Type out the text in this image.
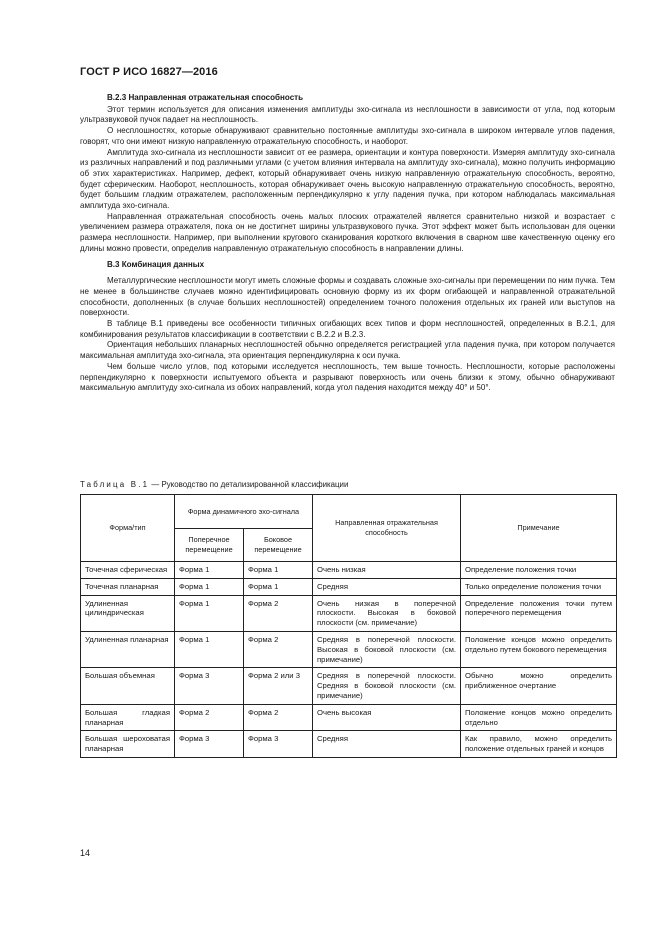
ГОСТ Р ИСО 16827—2016
B.2.3 Направленная отражательная способность

Этот термин используется для описания изменения амплитуды эхо-сигнала из несплошности в зависимости от угла, под которым ультразвуковой пучок падает на несплошность.

О несплошностях, которые обнаруживают сравнительно постоянные амплитуды эхо-сигнала в широком интервале углов падения, говорят, что они имеют низкую направленную отражательную способность, и наоборот.

Амплитуда эхо-сигнала из несплошности зависит от ее размера, ориентации и контура поверхности. Измеряя амплитуду эхо-сигнала из различных направлений и под различными углами (с учетом влияния интервала на амплитуду эхо-сигнала), можно получить информацию об этих характеристиках. Например, дефект, который обнаруживает очень низкую направленную отражательную способность, вероятно, будет сферическим. Наоборот, несплошность, которая обнаруживает очень высокую направленную отражательную способность, вероятно, будет большим гладким отражателем, расположенным перпендикулярно к углу падения пучка, при котором наблюдалась максимальная амплитуда эхо-сигнала.

Направленная отражательная способность очень малых плоских отражателей является сравнительно низкой и возрастает с увеличением размера отражателя, пока он не достигнет ширины ультразвукового пучка. Этот эффект может быть использован для оценки размера несплошности. Например, при выполнении кругового сканирования короткого включения в сварном шве качественную оценку его длины можно провести, определив направленную отражательную способность в направлении длины.

B.3 Комбинация данных

Металлургические несплошности могут иметь сложные формы и создавать сложные эхо-сигналы при перемещении по ним пучка. Тем не менее в большинстве случаев можно идентифицировать основную форму из их форм огибающей и направленной отражательной способности, дополненных (в случае больших несплошностей) определением точного положения отдельных их граней или выступов на поверхности.

В таблице B.1 приведены все особенности типичных огибающих всех типов и форм несплошностей, определенных в B.2.1, для комбинирования результатов классификации в соответствии с B.2.2 и B.2.3.

Ориентация небольших планарных несплошностей обычно определяется регистрацией угла падения пучка, при котором получается максимальная амплитуда эхо-сигнала, эта ориентация перпендикулярна к оси пучка.

Чем больше число углов, под которыми исследуется несплошность, тем выше точность. Несплошности, которые расположены перпендикулярно к поверхности испытуемого объекта и разрывают поверхность или очень близки к этому, обычно обнаруживают максимальную амплитуду эхо-сигнала из обоих направлений, когда угол падения находится между 40° и 50°.

Таблица B.1 — Руководство по детализированной классификации
Форма/тип	Форма динамичного эхо-сигнала		Направленная отражательная способность	Примечание
	Поперечное перемещение	Боковое перемещение		
Точечная сферическая	Форма 1	Форма 1	Очень низкая	Определение положения точки
Точечная планарная	Форма 1	Форма 1	Средняя	Только определение положения точки
Удлиненная цилиндрическая	Форма 1	Форма 2	Очень низкая в поперечной плоскости. Высокая в боковой плоскости (см. примечание)	Определение положения точки путем поперечного перемещения
Удлиненная планарная	Форма 1	Форма 2	Средняя в поперечной плоскости. Высокая в боковой плоскости (см. примечание)	Положение концов можно определить отдельно путем бокового перемещения
Большая объемная	Форма 3	Форма 2 или 3	Средняя в поперечной плоскости. Средняя в боковой плоскости (см. примечание)	Обычно можно определить приближенное очертание
Большая гладкая планарная	Форма 2	Форма 2	Очень высокая	Положение концов можно определить отдельно
Большая шероховатая планарная	Форма 3	Форма 3	Средняя	Как правило, можно определить положение отдельных граней и концов
14
